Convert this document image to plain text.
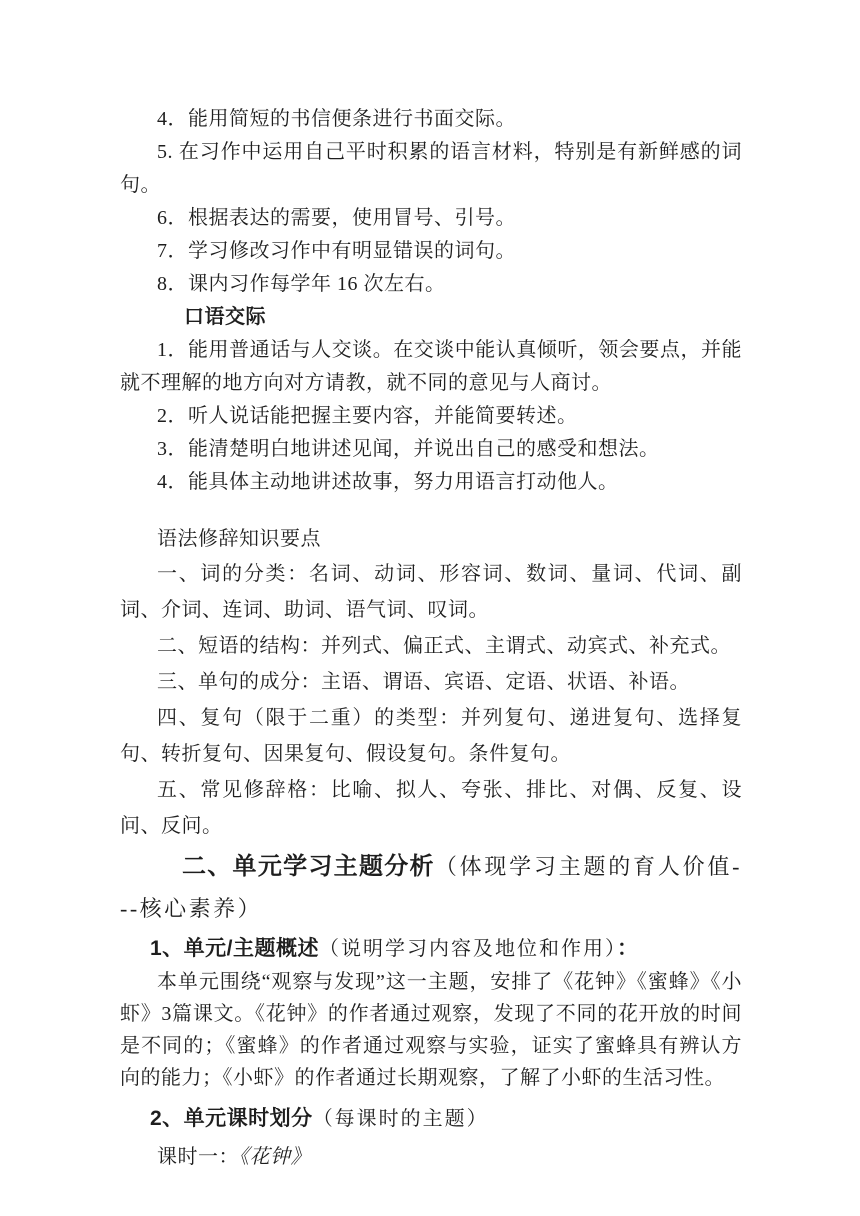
4．能用简短的书信便条进行书面交际。

5. 在习作中运用自己平时积累的语言材料，特别是有新鲜感的词句。

6．根据表达的需要，使用冒号、引号。

7．学习修改习作中有明显错误的词句。

8．课内习作每学年 16 次左右。

口语交际

1．能用普通话与人交谈。在交谈中能认真倾听，领会要点，并能就不理解的地方向对方请教，就不同的意见与人商讨。

2．听人说话能把握主要内容，并能简要转述。

3．能清楚明白地讲述见闻，并说出自己的感受和想法。

4．能具体主动地讲述故事，努力用语言打动他人。

语法修辞知识要点

一、词的分类：名词、动词、形容词、数词、量词、代词、副词、介词、连词、助词、语气词、叹词。

二、短语的结构：并列式、偏正式、主谓式、动宾式、补充式。

三、单句的成分：主语、谓语、宾语、定语、状语、补语。

四、复句（限于二重）的类型：并列复句、递进复句、选择复句、转折复句、因果复句、假设复句。条件复句。

五、常见修辞格：比喻、拟人、夸张、排比、对偶、反复、设问、反问。

二、单元学习主题分析（体现学习主题的育人价值---核心素养）

1、单元/主题概述（说明学习内容及地位和作用）：

本单元围绕“观察与发现”这一主题，安排了《花钟》《蜜蜂》《小虾》3篇课文。《花钟》的作者通过观察，发现了不同的花开放的时间是不同的；《蜜蜂》的作者通过观察与实验，证实了蜜蜂具有辨认方向的能力；《小虾》的作者通过长期观察，了解了小虾的生活习性。

2、单元课时划分（每课时的主题）

课时一：《花钟》
